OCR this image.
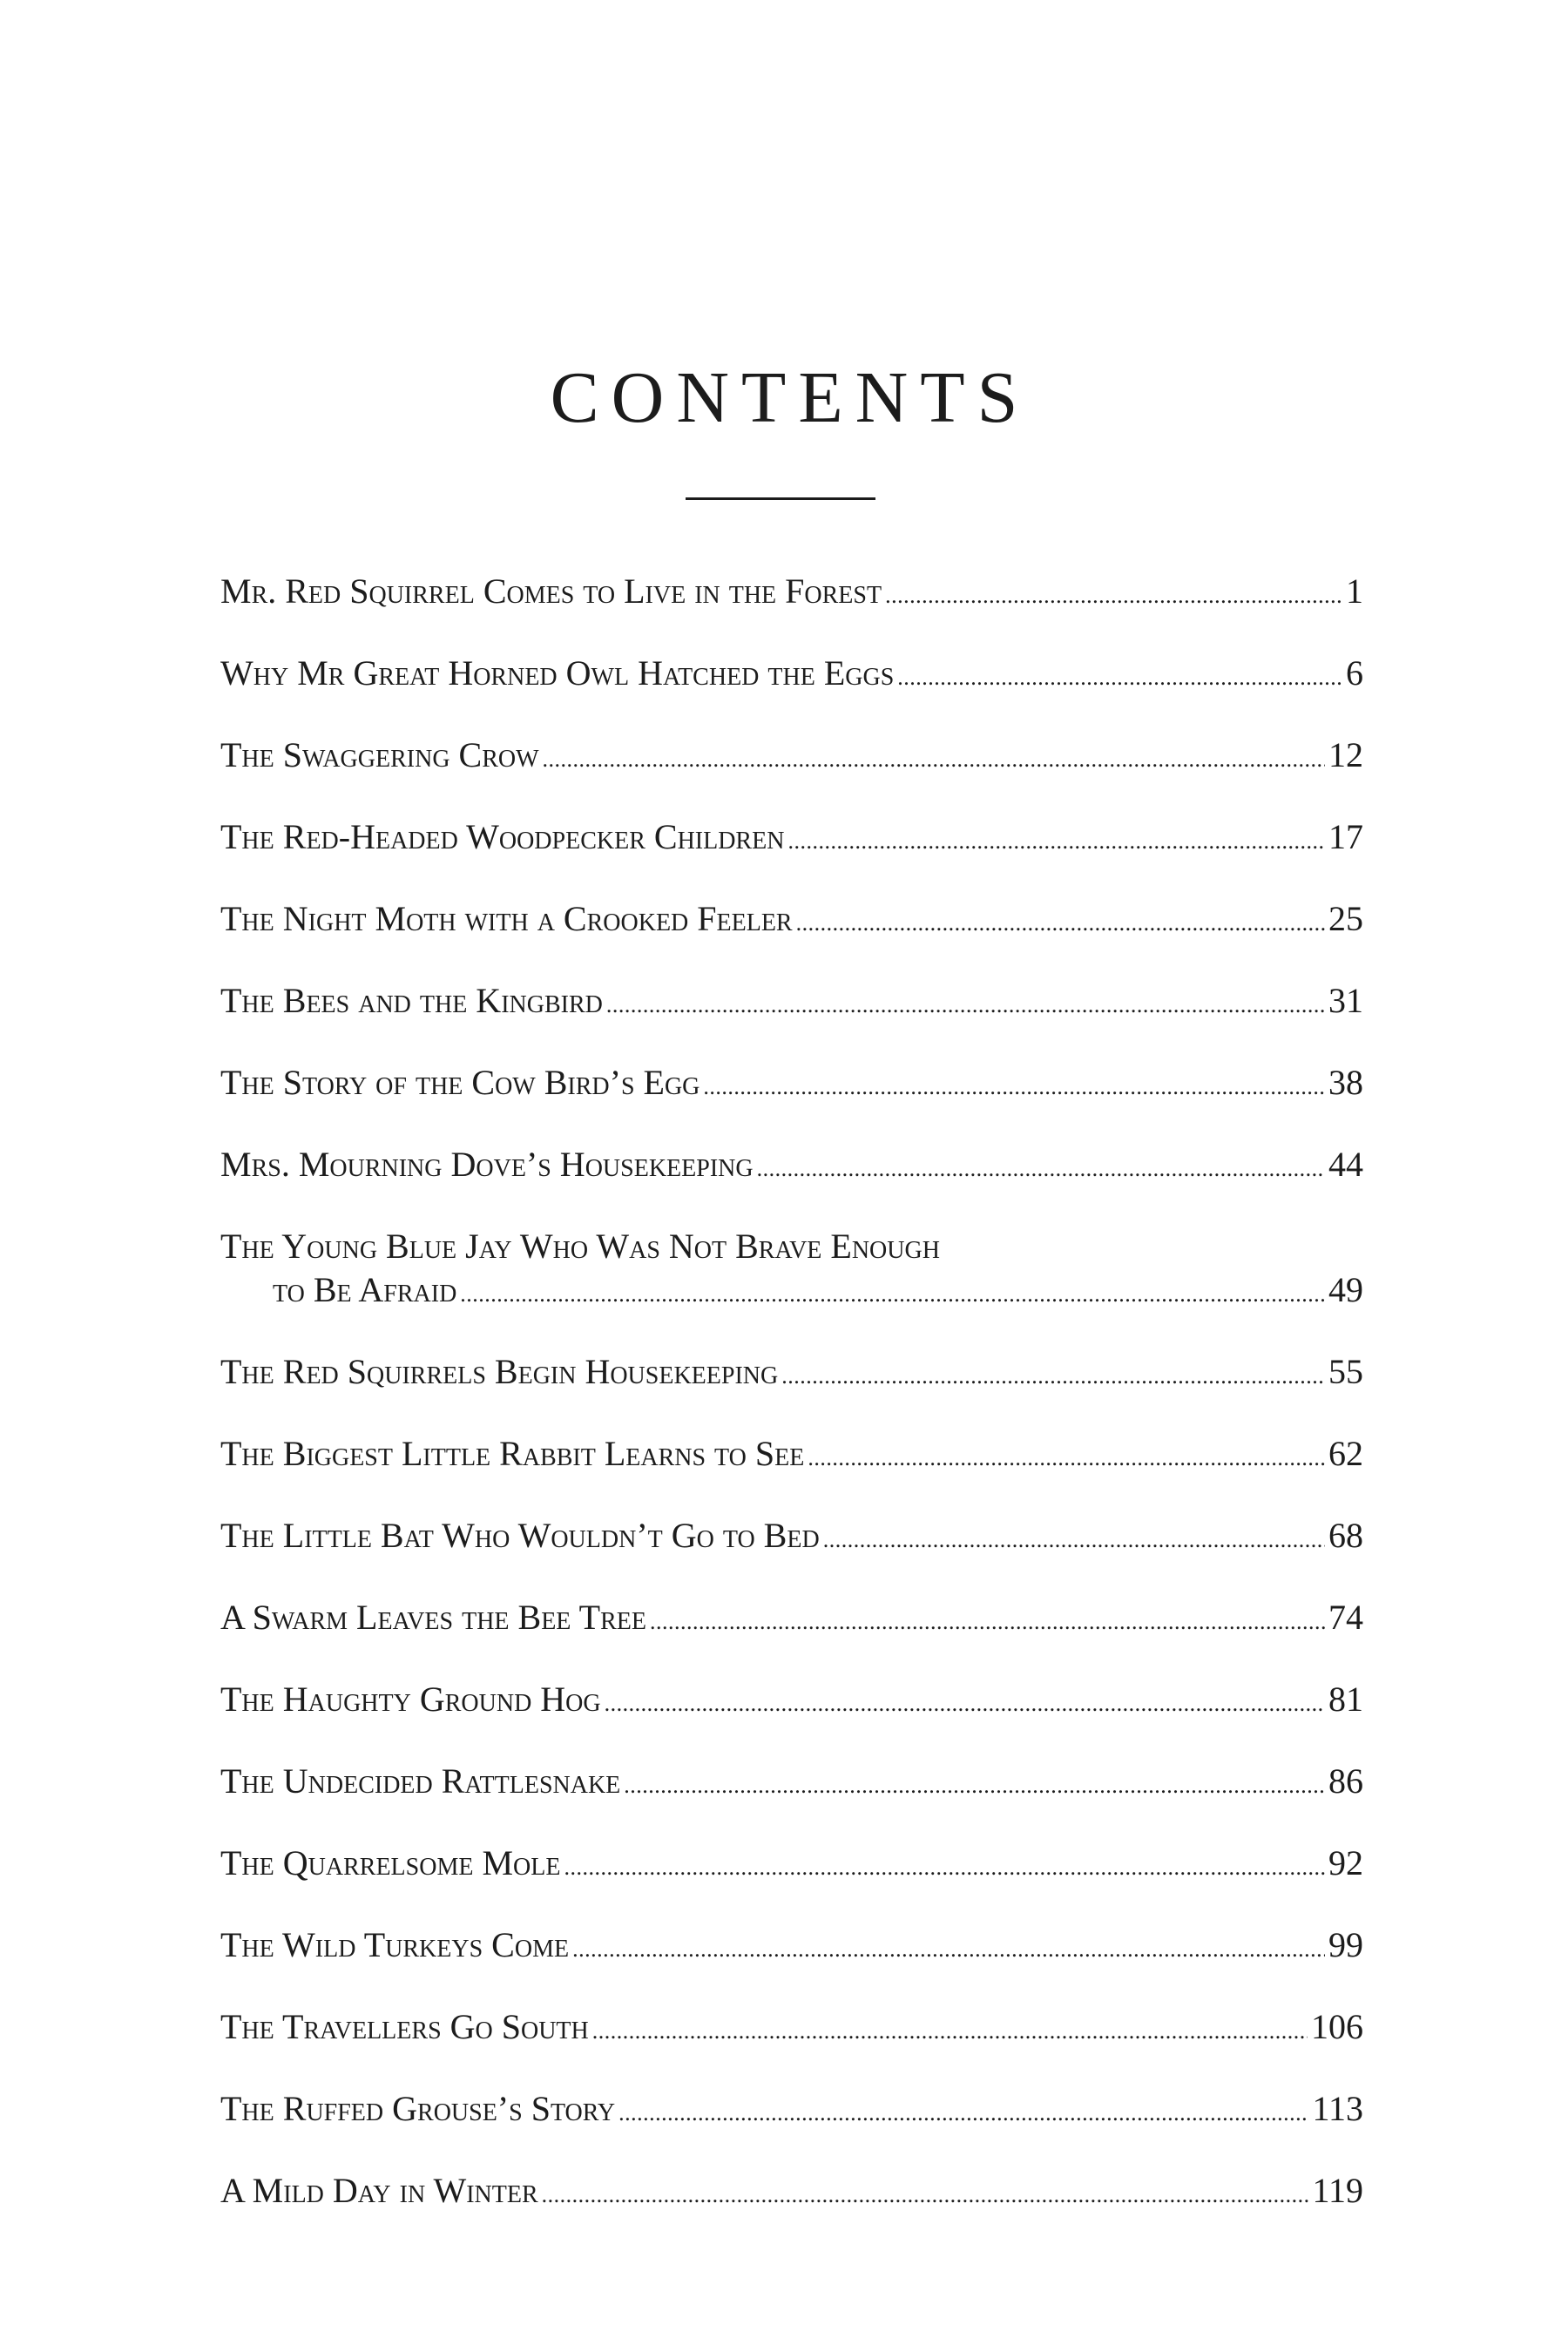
CONTENTS
Mr. Red Squirrel Comes to Live in the Forest . . .	1
Why Mr Great Horned Owl Hatched the Eggs . . .	6
The Swaggering Crow . . .	12
The Red-Headed Woodpecker Children . . .	17
The Night Moth with a Crooked Feeler . . .	25
The Bees and the Kingbird . . .	31
The Story of the Cow Bird’s Egg . . .	38
Mrs. Mourning Dove’s Housekeeping . . .	44
The Young Blue Jay Who Was Not Brave Enough
to Be Afraid . . .	49
The Red Squirrels Begin Housekeeping . . .	55
The Biggest Little Rabbit Learns to See . . .	62
The Little Bat Who Wouldn’t Go to Bed . . .	68
A Swarm Leaves the Bee Tree . . .	74
The Haughty Ground Hog . . .	81
The Undecided Rattlesnake . . .	86
The Quarrelsome Mole . . .	92
The Wild Turkeys Come . . .	99
The Travellers Go South . . .	106
The Ruffed Grouse’s Story . . .	113
A Mild Day in Winter . . .	119
